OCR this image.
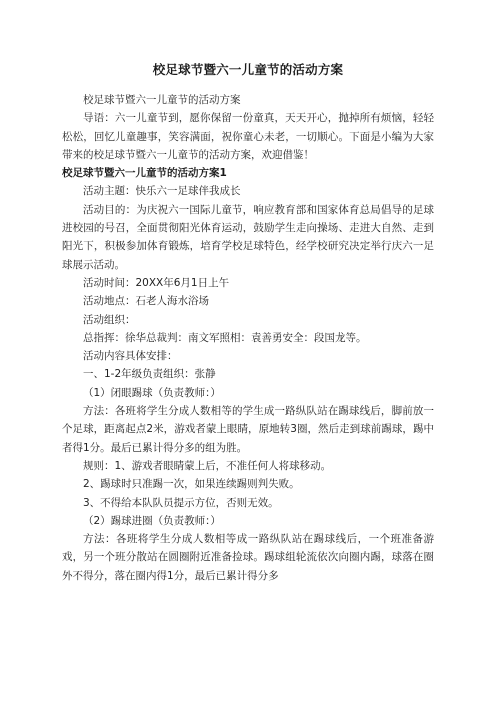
校足球节暨六一儿童节的活动方案

校足球节暨六一儿童节的活动方案

导语：六一儿童节到，愿你保留一份童真，天天开心，抛掉所有烦恼，轻轻松松，回忆儿童趣事，笑容满面，祝你童心未老，一切顺心。下面是小编为大家带来的校足球节暨六一儿童节的活动方案，欢迎借鉴！

校足球节暨六一儿童节的活动方案1

活动主题：快乐六一足球伴我成长

活动目的：为庆祝六一国际儿童节，响应教育部和国家体育总局倡导的足球进校园的号召，全面贯彻阳光体育运动，鼓励学生走向操场、走进大自然、走到阳光下，积极参加体育锻炼，培育学校足球特色，经学校研究决定举行庆六一足球展示活动。

活动时间：20XX年6月1日上午

活动地点：石老人海水浴场

活动组织：

总指挥：徐华总裁判：南文军照相：袁善勇安全：段国龙等。

活动内容具体安排：

一、1-2年级负责组织：张静

（1）闭眼踢球（负责教师：）

方法：各班将学生分成人数相等的学生成一路纵队站在踢球线后，脚前放一个足球，距离起点2米，游戏者蒙上眼睛，原地转3圈，然后走到球前踢球，踢中者得1分。最后已累计得分多的组为胜。

规则：1、游戏者眼睛蒙上后，不准任何人将球移动。

2、踢球时只准踢一次，如果连续踢则判失败。

3、不得给本队队员提示方位，否则无效。

（2）踢球进圈（负责教师：）

方法：各班将学生分成人数相等成一路纵队站在踢球线后，一个班准备游戏，另一个班分散站在圆圈附近准备捡球。踢球组轮流依次向圈内踢，球落在圈外不得分，落在圈内得1分，最后已累计得分多
